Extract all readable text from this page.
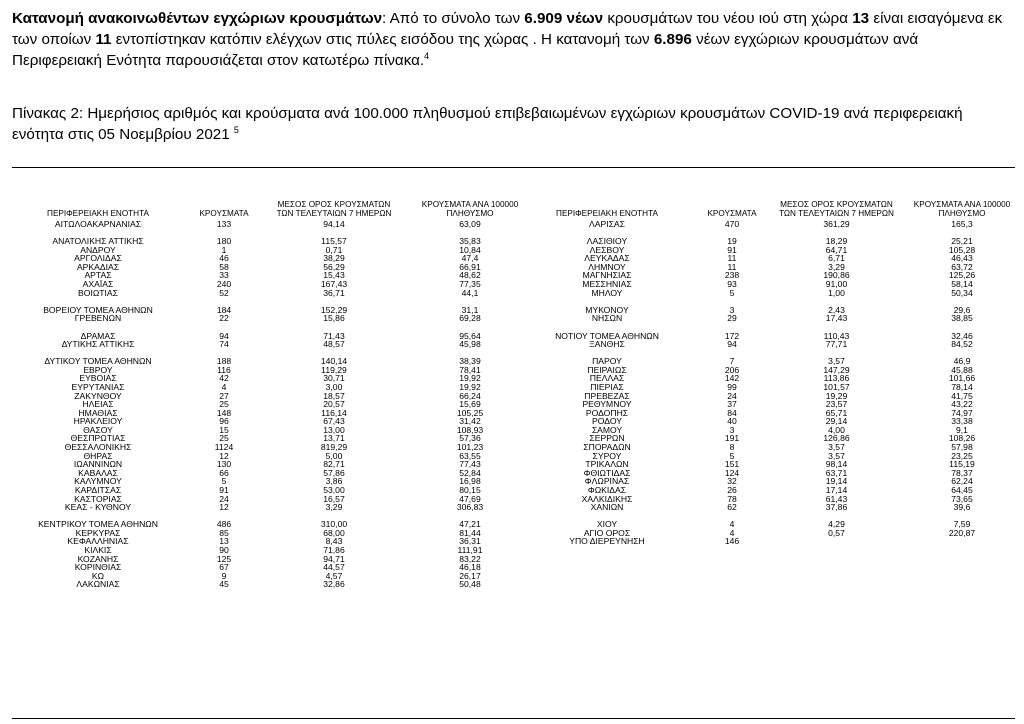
Κατανομή ανακοινωθέντων εγχώριων κρουσμάτων: Από το σύνολο των 6.909 νέων κρουσμάτων του νέου ιού στη χώρα 13 είναι εισαγόμενα εκ των οποίων 11 εντοπίστηκαν κατόπιν ελέγχων στις πύλες εισόδου της χώρας . Η κατανομή των 6.896 νέων εγχώριων κρουσμάτων ανά Περιφερειακή Ενότητα παρουσιάζεται στον κατωτέρω πίνακα.$^4$
Πίνακας 2: Ημερήσιος αριθμός και κρούσματα ανά 100.000 πληθυσμού επιβεβαιωμένων εγχώριων κρουσμάτων COVID-19 ανά περιφερειακή ενότητα στις 05 Νοεμβρίου 2021 $^5$
ΠΕΡΙΦΕΡΕΙΑΚΗ ΕΝΟΤΗΤΑ	ΚΡΟΥΣΜΑΤΑ
ΜΕΣΟΣ ΟΡΟΣ ΚΡΟΥΣΜΑΤΩΝ
ΤΩΝ ΤΕΛΕΥΤΑΙΩΝ 7 ΗΜΕΡΩΝ
ΚΡΟΥΣΜΑΤΑ ΑΝΑ 100000
ΠΛΗΘΥΣΜΟ
ΑΙΤΩΛΟΑΚΑΡΝΑΝΙΑΣ	133	94,14	63,09
ΑΝΑΤΟΛΙΚΗΣ ΑΤΤΙΚΗΣ	180	115,57	35,83
ΑΝΔΡΟΥ	1	0,71	10,84
ΑΡΓΟΛΙΔΑΣ	46	38,29	47,4
ΑΡΚΑΔΙΑΣ	58	56,29	66,91
ΑΡΤΑΣ	33	15,43	48,62
ΑΧΑΪΑΣ	240	167,43	77,35
ΒΟΙΩΤΙΑΣ	52	36,71	44,1
ΒΟΡΕΙΟΥ ΤΟΜΕΑ ΑΘΗΝΩΝ	184	152,29	31,1
ΓΡΕΒΕΝΩΝ	22	15,86	69,28
ΔΡΑΜΑΣ	94	71,43	95,64
ΔΥΤΙΚΗΣ ΑΤΤΙΚΗΣ	74	48,57	45,98
ΔΥΤΙΚΟΥ ΤΟΜΕΑ ΑΘΗΝΩΝ	188	140,14	38,39
ΕΒΡΟΥ	116	119,29	78,41
ΕΥΒΟΙΑΣ	42	30,71	19,92
ΕΥΡΥΤΑΝΙΑΣ	4	3,00	19,92
ΖΑΚΥΝΘΟΥ	27	18,57	66,24
ΗΛΕΙΑΣ	25	20,57	15,69
ΗΜΑΘΙΑΣ	148	116,14	105,25
ΗΡΑΚΛΕΙΟΥ	96	67,43	31,42
ΘΑΣΟΥ	15	13,00	108,93
ΘΕΣΠΡΩΤΙΑΣ	25	13,71	57,36
ΘΕΣΣΑΛΟΝΙΚΗΣ	1124	819,29	101,23
ΘΗΡΑΣ	12	5,00	63,55
ΙΩΑΝΝΙΝΩΝ	130	82,71	77,43
ΚΑΒΑΛΑΣ	66	57,86	52,84
ΚΑΛΥΜΝΟΥ	5	3,86	16,98
ΚΑΡΔΙΤΣΑΣ	91	53,00	80,15
ΚΑΣΤΟΡΙΑΣ	24	16,57	47,69
ΚΕΑΣ - ΚΥΘΝΟΥ	12	3,29	306,83
ΚΕΝΤΡΙΚΟΥ ΤΟΜΕΑ ΑΘΗΝΩΝ	486	310,00	47,21
ΚΕΡΚΥΡΑΣ	85	68,00	81,44
ΚΕΦΑΛΛΗΝΙΑΣ	13	8,43	36,31
ΚΙΛΚΙΣ	90	71,86	111,91
ΚΟΖΑΝΗΣ	125	94,71	83,22
ΚΟΡΙΝΘΙΑΣ	67	44,57	46,18
ΚΩ	9	4,57	26,17
ΛΑΚΩΝΙΑΣ	45	32,86	50,48
ΠΕΡΙΦΕΡΕΙΑΚΗ ΕΝΟΤΗΤΑ	ΚΡΟΥΣΜΑΤΑ
ΜΕΣΟΣ ΟΡΟΣ ΚΡΟΥΣΜΑΤΩΝ
ΤΩΝ ΤΕΛΕΥΤΑΙΩΝ 7 ΗΜΕΡΩΝ
ΚΡΟΥΣΜΑΤΑ ΑΝΑ 100000
ΠΛΗΘΥΣΜΟ
ΛΑΡΙΣΑΣ	470	361,29	165,3
ΛΑΣΙΘΙΟΥ	19	18,29	25,21
ΛΕΣΒΟΥ	91	64,71	105,28
ΛΕΥΚΑΔΑΣ	11	6,71	46,43
ΛΗΜΝΟΥ	11	3,29	63,72
ΜΑΓΝΗΣΙΑΣ	238	190,86	125,26
ΜΕΣΣΗΝΙΑΣ	93	91,00	58,14
ΜΗΛΟΥ	5	1,00	50,34
ΜΥΚΟΝΟΥ	3	2,43	29,6
ΝΗΣΩΝ	29	17,43	38,85
ΝΟΤΙΟΥ ΤΟΜΕΑ ΑΘΗΝΩΝ	172	110,43	32,46
ΞΑΝΘΗΣ	94	77,71	84,52
ΠΑΡΟΥ	7	3,57	46,9
ΠΕΙΡΑΙΩΣ	206	147,29	45,88
ΠΕΛΛΑΣ	142	113,86	101,66
ΠΙΕΡΙΑΣ	99	101,57	78,14
ΠΡΕΒΕΖΑΣ	24	19,29	41,75
ΡΕΘΥΜΝΟΥ	37	23,57	43,22
ΡΟΔΟΠΗΣ	84	65,71	74,97
ΡΟΔΟΥ	40	29,14	33,38
ΣΑΜΟΥ	3	4,00	9,1
ΣΕΡΡΩΝ	191	126,86	108,26
ΣΠΟΡΑΔΩΝ	8	3,57	57,98
ΣΥΡΟΥ	5	3,57	23,25
ΤΡΙΚΑΛΩΝ	151	98,14	115,19
ΦΘΙΩΤΙΔΑΣ	124	63,71	78,37
ΦΛΩΡΙΝΑΣ	32	19,14	62,24
ΦΩΚΙΔΑΣ	26	17,14	64,45
ΧΑΛΚΙΔΙΚΗΣ	78	61,43	73,65
ΧΑΝΙΩΝ	62	37,86	39,6
ΧΙΟΥ	4	4,29	7,59
ΑΓΙΟ ΟΡΟΣ	4	0,57	220,87
ΥΠΟ ΔΙΕΡΕΥΝΗΣΗ	146
